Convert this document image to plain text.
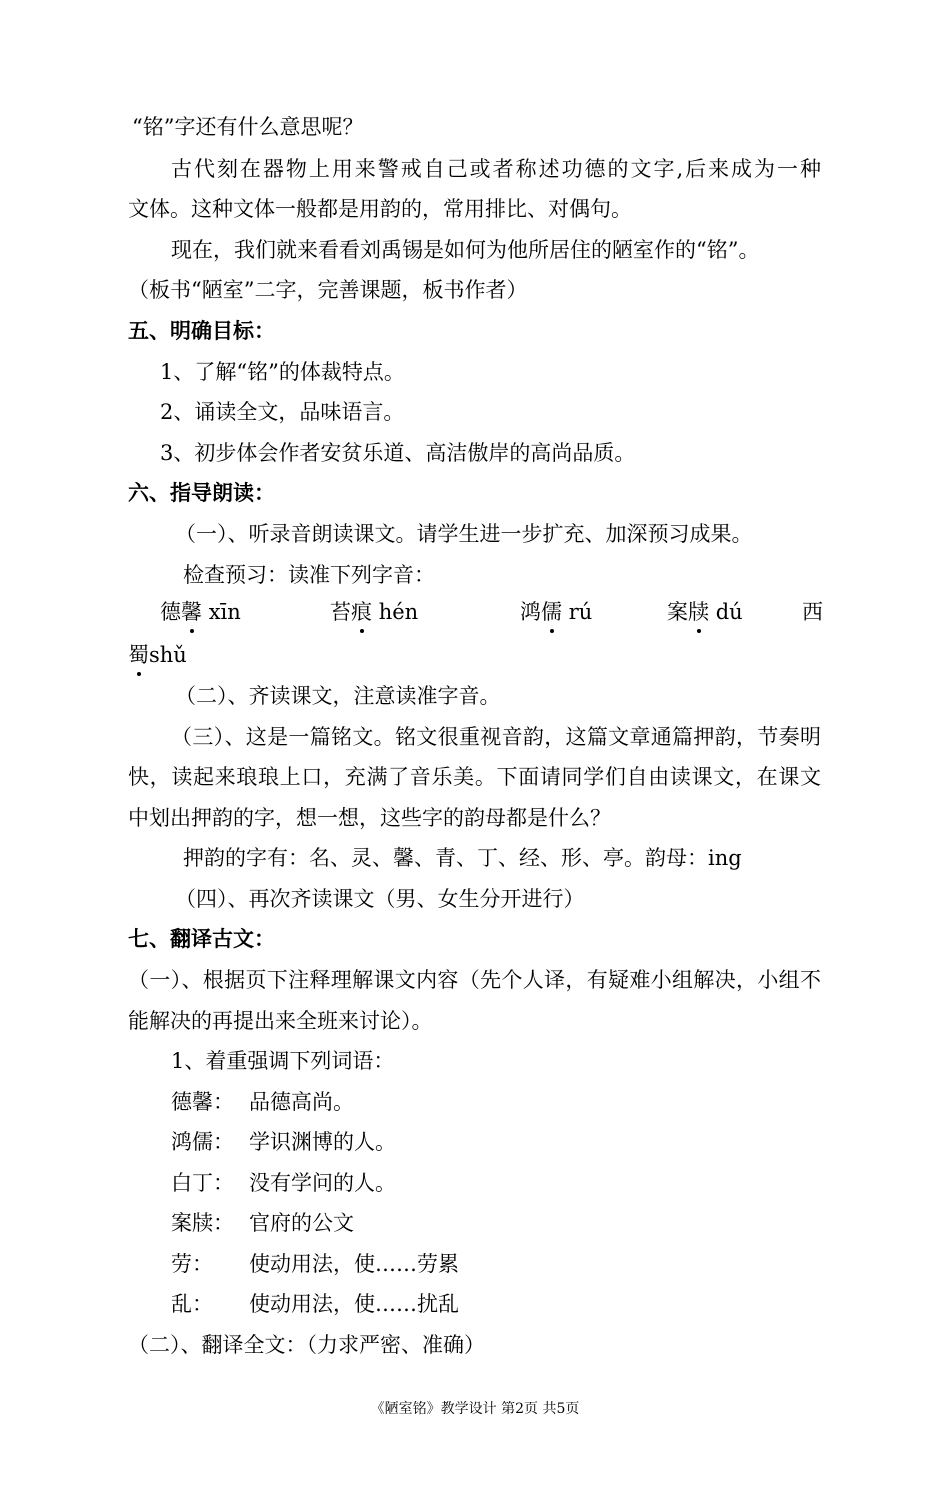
“铭”字还有什么意思呢？

古代刻在器物上用来警戒自己或者称述功德的文字,后来成为一种

文体。这种文体一般都是用韵的，常用排比、对偶句。

现在，我们就来看看刘禹锡是如何为他所居住的陋室作的“铭”。

（板书“陋室”二字，完善课题，板书作者）

五、明确目标：

1、了解“铭”的体裁特点。

2、诵读全文，品味语言。

3、初步体会作者安贫乐道、高洁傲岸的高尚品质。

六、指导朗读：

（一）、听录音朗读课文。请学生进一步扩充、加深预习成果。

检查预习：读准下列字音：

德馨 xīn	苔痕 hén	鸿儒 rú	案牍 dú	西

蜀shǔ

（二）、齐读课文，注意读准字音。

（三）、这是一篇铭文。铭文很重视音韵，这篇文章通篇押韵，节奏明

快，读起来琅琅上口，充满了音乐美。下面请同学们自由读课文，在课文

中划出押韵的字，想一想，这些字的韵母都是什么？

押韵的字有：名、灵、馨、青、丁、经、形、亭。韵母：ing

（四）、再次齐读课文（男、女生分开进行）

七、翻译古文：

（一）、根据页下注释理解课文内容（先个人译，有疑难小组解决，小组不

能解决的再提出来全班来讨论）。

1、着重强调下列词语：

德馨： 品德高尚。

鸿儒： 学识渊博的人。

白丁： 没有学问的人。

案牍： 官府的公文

劳： 使动用法，使……劳累

乱： 使动用法，使……扰乱

（二）、翻译全文：（力求严密、准确）

《陋室铭》教学设计 第2页 共5页
